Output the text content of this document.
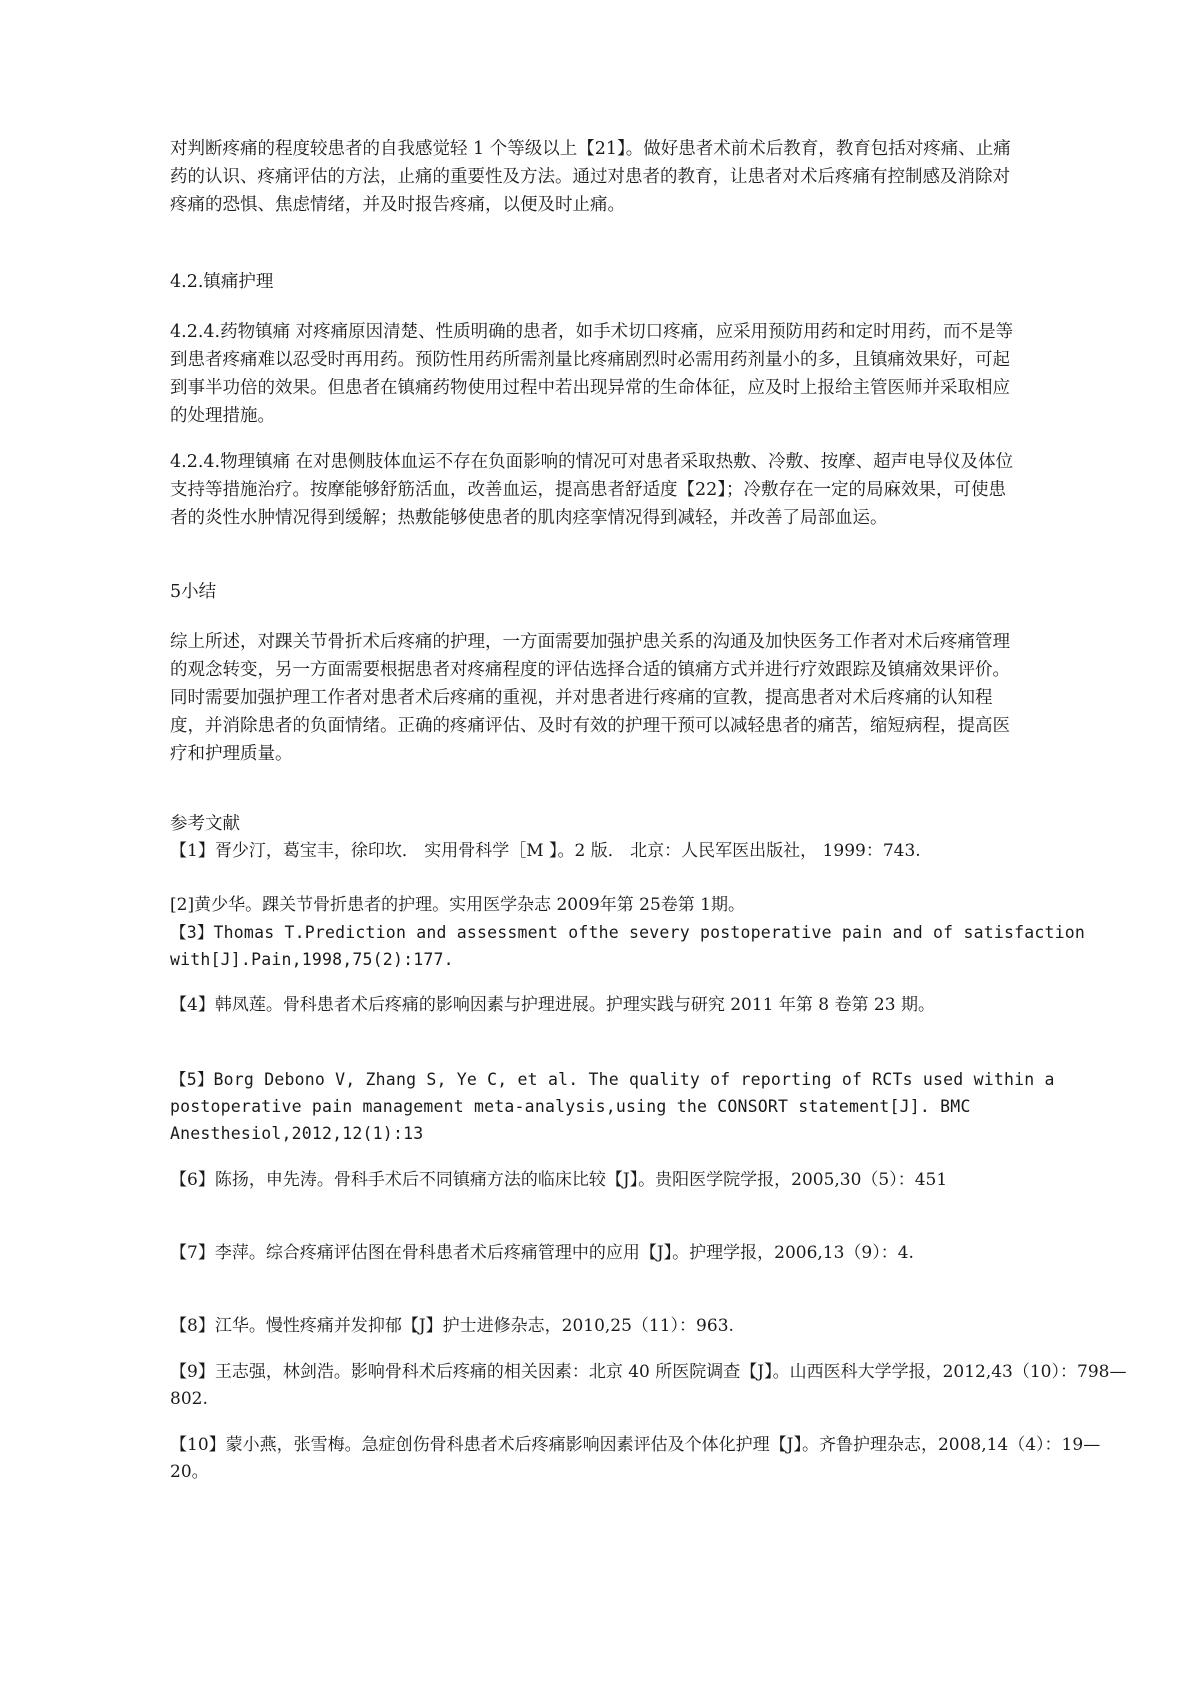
对判断疼痛的程度较患者的自我感觉轻 1 个等级以上【21】。做好患者术前术后教育，教育包括对疼痛、止痛药的认识、疼痛评估的方法，止痛的重要性及方法。通过对患者的教育，让患者对术后疼痛有控制感及消除对疼痛的恐惧、焦虑情绪，并及时报告疼痛，以便及时止痛。

4.2.镇痛护理

4.2.4.药物镇痛 对疼痛原因清楚、性质明确的患者，如手术切口疼痛，应采用预防用药和定时用药，而不是等到患者疼痛难以忍受时再用药。预防性用药所需剂量比疼痛剧烈时必需用药剂量小的多，且镇痛效果好，可起到事半功倍的效果。但患者在镇痛药物使用过程中若出现异常的生命体征，应及时上报给主管医师并采取相应的处理措施。

4.2.4.物理镇痛 在对患侧肢体血运不存在负面影响的情况可对患者采取热敷、冷敷、按摩、超声电导仪及体位支持等措施治疗。按摩能够舒筋活血，改善血运，提高患者舒适度【22】；冷敷存在一定的局麻效果，可使患者的炎性水肿情况得到缓解；热敷能够使患者的肌肉痉挛情况得到减轻，并改善了局部血运。

5小结

综上所述，对踝关节骨折术后疼痛的护理，一方面需要加强护患关系的沟通及加快医务工作者对术后疼痛管理的观念转变，另一方面需要根据患者对疼痛程度的评估选择合适的镇痛方式并进行疗效跟踪及镇痛效果评价。同时需要加强护理工作者对患者术后疼痛的重视，并对患者进行疼痛的宣教，提高患者对术后疼痛的认知程度，并消除患者的负面情绪。正确的疼痛评估、及时有效的护理干预可以减轻患者的痛苦，缩短病程，提高医疗和护理质量。

参考文献

【1】胥少汀，葛宝丰，徐印坎． 实用骨科学［M 】。2 版． 北京：人民军医出版社， 1999：743.

[2]黄少华。踝关节骨折患者的护理。实用医学杂志 2009年第 25卷第 1期。

【3】Thomas T.Prediction and assessment ofthe severy postoperative pain and of satisfaction with[J].Pain,1998,75(2):177.

【4】韩凤莲。骨科患者术后疼痛的影响因素与护理进展。护理实践与研究 2011 年第 8 卷第 23 期。

【5】Borg Debono V, Zhang S, Ye C, et al. The quality of reporting of RCTs used within a postoperative pain management meta-analysis,using the CONSORT statement[J]. BMC Anesthesiol,2012,12(1):13

【6】陈扬，申先涛。骨科手术后不同镇痛方法的临床比较【J】。贵阳医学院学报，2005,30（5）：451

【7】李萍。综合疼痛评估图在骨科患者术后疼痛管理中的应用【J】。护理学报，2006,13（9）：4.

【8】江华。慢性疼痛并发抑郁【J】护士进修杂志，2010,25（11）：963.

【9】王志强，林剑浩。影响骨科术后疼痛的相关因素：北京 40 所医院调查【J】。山西医科大学学报，2012,43（10）：798—802.

【10】蒙小燕，张雪梅。急症创伤骨科患者术后疼痛影响因素评估及个体化护理【J】。齐鲁护理杂志，2008,14（4）：19—20。
